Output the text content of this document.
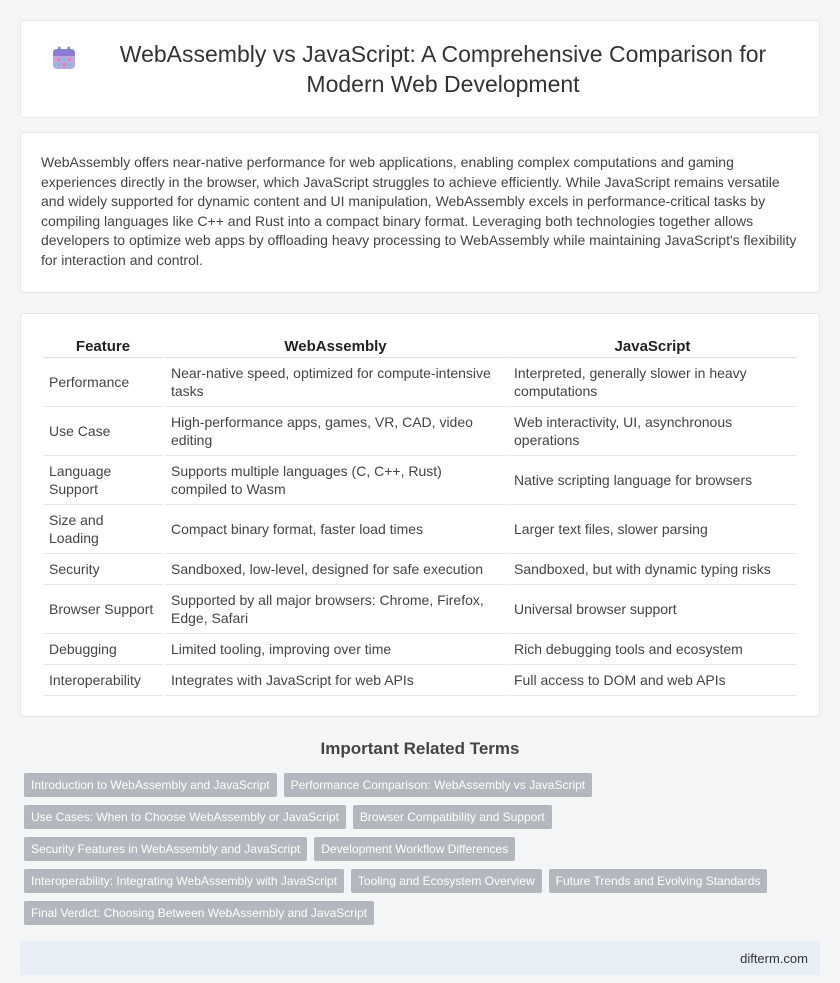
WebAssembly vs JavaScript: A Comprehensive Comparison for Modern Web Development

WebAssembly offers near-native performance for web applications, enabling complex computations and gaming experiences directly in the browser, which JavaScript struggles to achieve efficiently. While JavaScript remains versatile and widely supported for dynamic content and UI manipulation, WebAssembly excels in performance-critical tasks by compiling languages like C++ and Rust into a compact binary format. Leveraging both technologies together allows developers to optimize web apps by offloading heavy processing to WebAssembly while maintaining JavaScript's flexibility for interaction and control.

Feature	WebAssembly	JavaScript
Performance	Near-native speed, optimized for compute-intensive tasks	Interpreted, generally slower in heavy computations
Use Case	High-performance apps, games, VR, CAD, video editing	Web interactivity, UI, asynchronous operations
Language Support	Supports multiple languages (C, C++, Rust) compiled to Wasm	Native scripting language for browsers
Size and Loading	Compact binary format, faster load times	Larger text files, slower parsing
Security	Sandboxed, low-level, designed for safe execution	Sandboxed, but with dynamic typing risks
Browser Support	Supported by all major browsers: Chrome, Firefox, Edge, Safari	Universal browser support
Debugging	Limited tooling, improving over time	Rich debugging tools and ecosystem
Interoperability	Integrates with JavaScript for web APIs	Full access to DOM and web APIs
Important Related Terms
Introduction to WebAssembly and JavaScript	Performance Comparison: WebAssembly vs JavaScript
Use Cases: When to Choose WebAssembly or JavaScript	Browser Compatibility and Support
Security Features in WebAssembly and JavaScript	Development Workflow Differences
Interoperability: Integrating WebAssembly with JavaScript	Tooling and Ecosystem Overview	Future Trends and Evolving Standards
Final Verdict: Choosing Between WebAssembly and JavaScript
difterm.com
